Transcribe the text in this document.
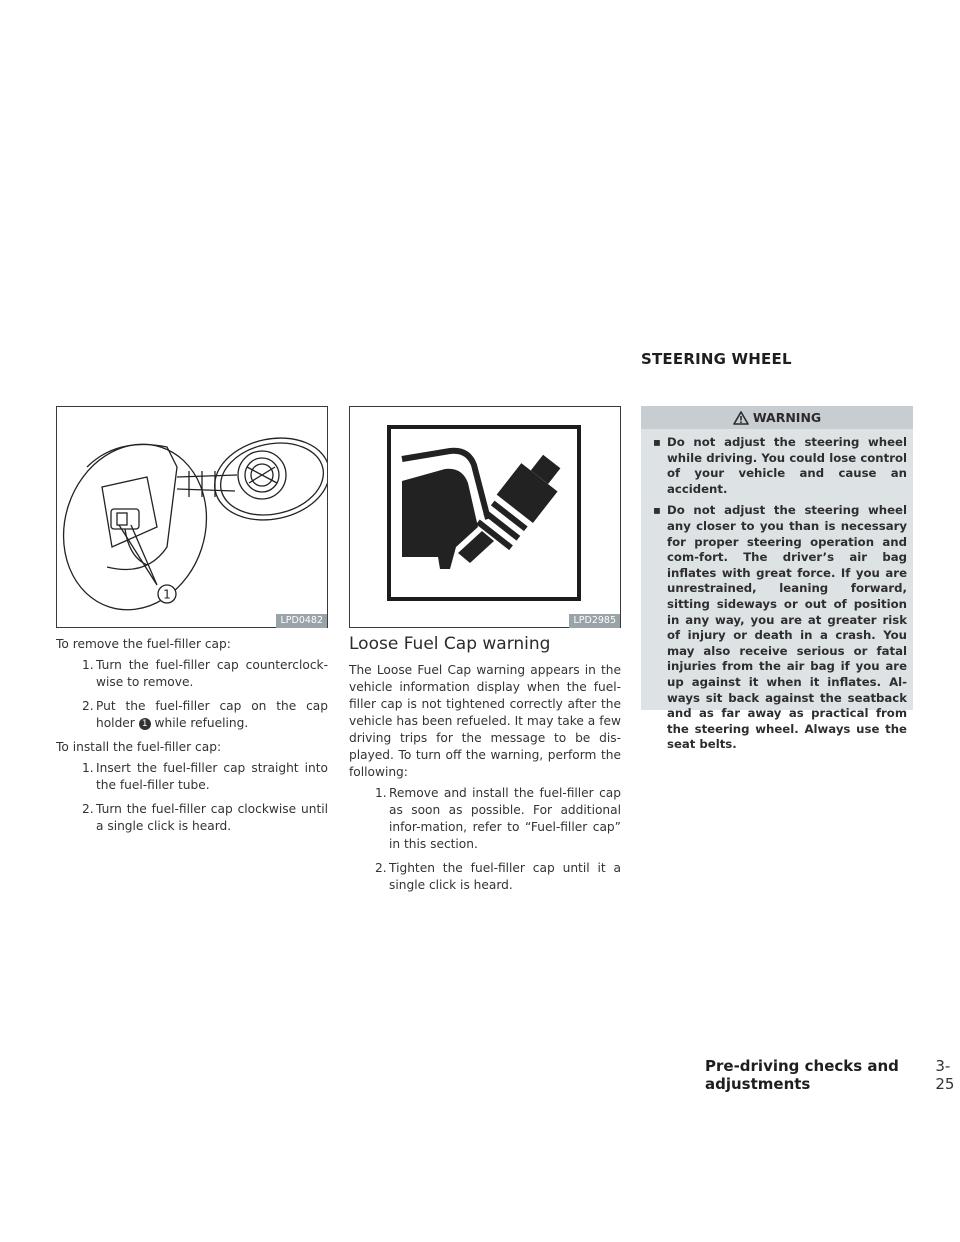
STEERING WHEEL
1
LPD0482	LPD2985

To remove the fuel-filler cap:

1. Turn the fuel-filler cap counterclock-wise to remove.

2. Put the fuel-filler cap on the cap holder 1 while refueling.

To install the fuel-filler cap:

1. Insert the fuel-filler cap straight into the fuel-filler tube.

2. Turn the fuel-filler cap clockwise until a single click is heard.

Loose Fuel Cap warning

The Loose Fuel Cap warning appears in the vehicle information display when the fuel-filler cap is not tightened correctly after the vehicle has been refueled. It may take a few driving trips for the message to be dis-played. To turn off the warning, perform the following:

1. Remove and install the fuel-filler cap as soon as possible. For additional infor-mation, refer to “Fuel-filler cap” in this section.

2. Tighten the fuel-filler cap until it a single click is heard.

WARNING

▪ Do not adjust the steering wheel while driving. You could lose control of your vehicle and cause an accident.

▪ Do not adjust the steering wheel any closer to you than is necessary for proper steering operation and com-fort. The driver’s air bag inflates with great force. If you are unrestrained, leaning forward, sitting sideways or out of position in any way, you are at greater risk of injury or death in a crash. You may also receive serious or fatal injuries from the air bag if you are up against it when it inflates. Al-ways sit back against the seatback and as far away as practical from the steering wheel. Always use the seat belts.

Pre-driving checks and adjustments
3-25
